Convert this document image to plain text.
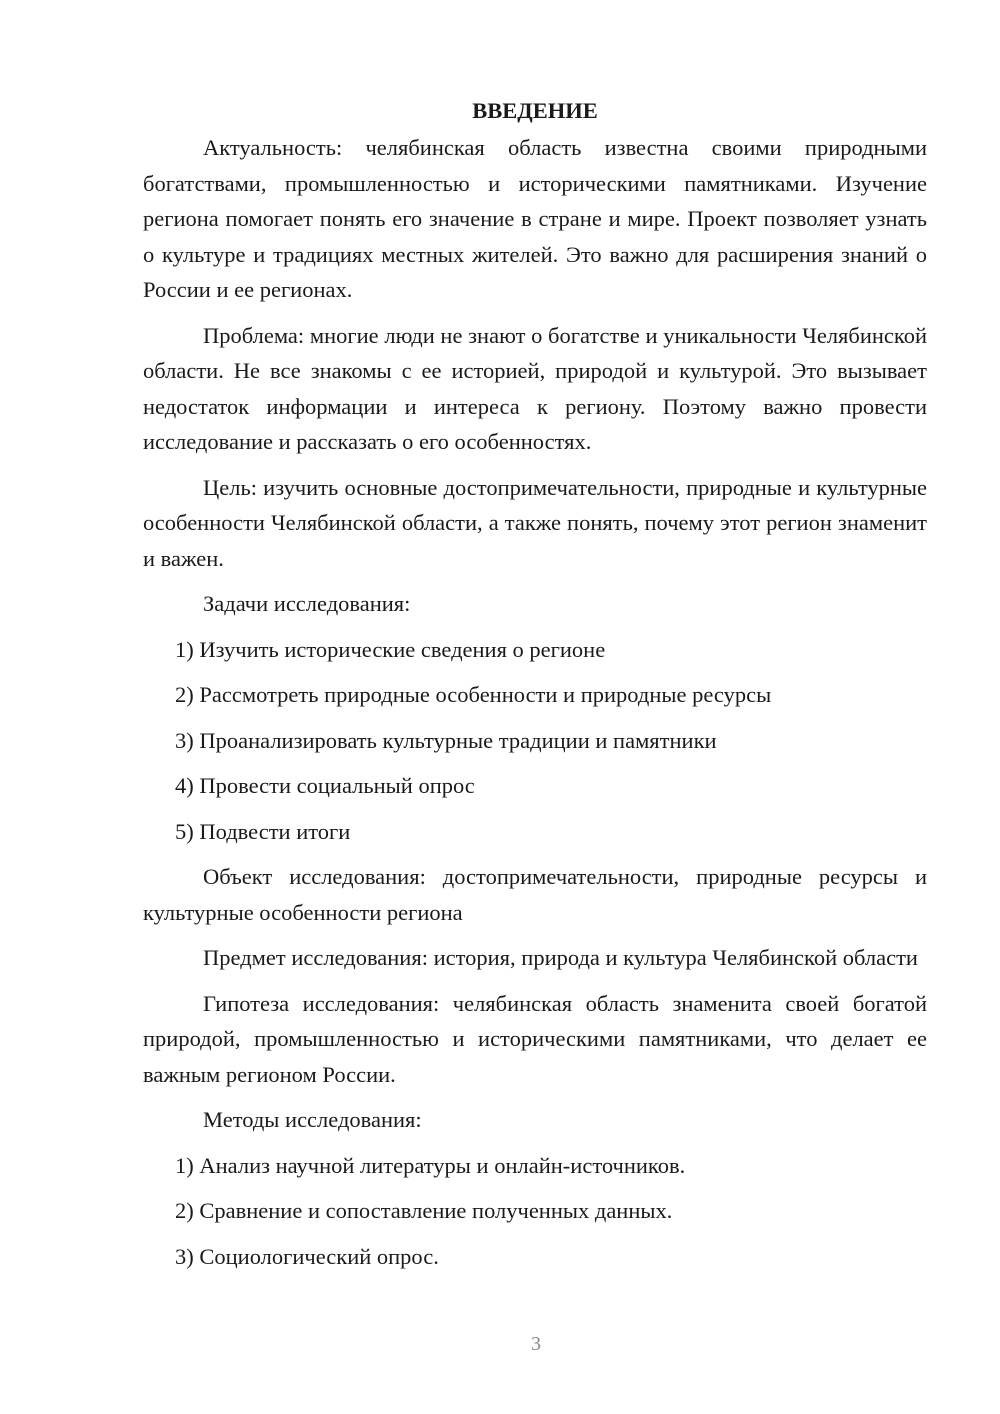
ВВЕДЕНИЕ

Актуальность: челябинская область известна своими природными богатствами, промышленностью и историческими памятниками. Изучение региона помогает понять его значение в стране и мире. Проект позволяет узнать о культуре и традициях местных жителей. Это важно для расширения знаний о России и ее регионах.

Проблема: многие люди не знают о богатстве и уникальности Челябинской области. Не все знакомы с ее историей, природой и культурой. Это вызывает недостаток информации и интереса к региону. Поэтому важно провести исследование и рассказать о его особенностях.

Цель: изучить основные достопримечательности, природные и культурные особенности Челябинской области, а также понять, почему этот регион знаменит и важен.

Задачи исследования:

1) Изучить исторические сведения о регионе
2) Рассмотреть природные особенности и природные ресурсы
3) Проанализировать культурные традиции и памятники
4) Провести социальный опрос
5) Подвести итоги

Объект исследования: достопримечательности, природные ресурсы и культурные особенности региона

Предмет исследования: история, природа и культура Челябинской области

Гипотеза исследования: челябинская область знаменита своей богатой природой, промышленностью и историческими памятниками, что делает ее важным регионом России.

Методы исследования:

1) Анализ научной литературы и онлайн-источников.
2) Сравнение и сопоставление полученных данных.
3) Социологический опрос.
3
